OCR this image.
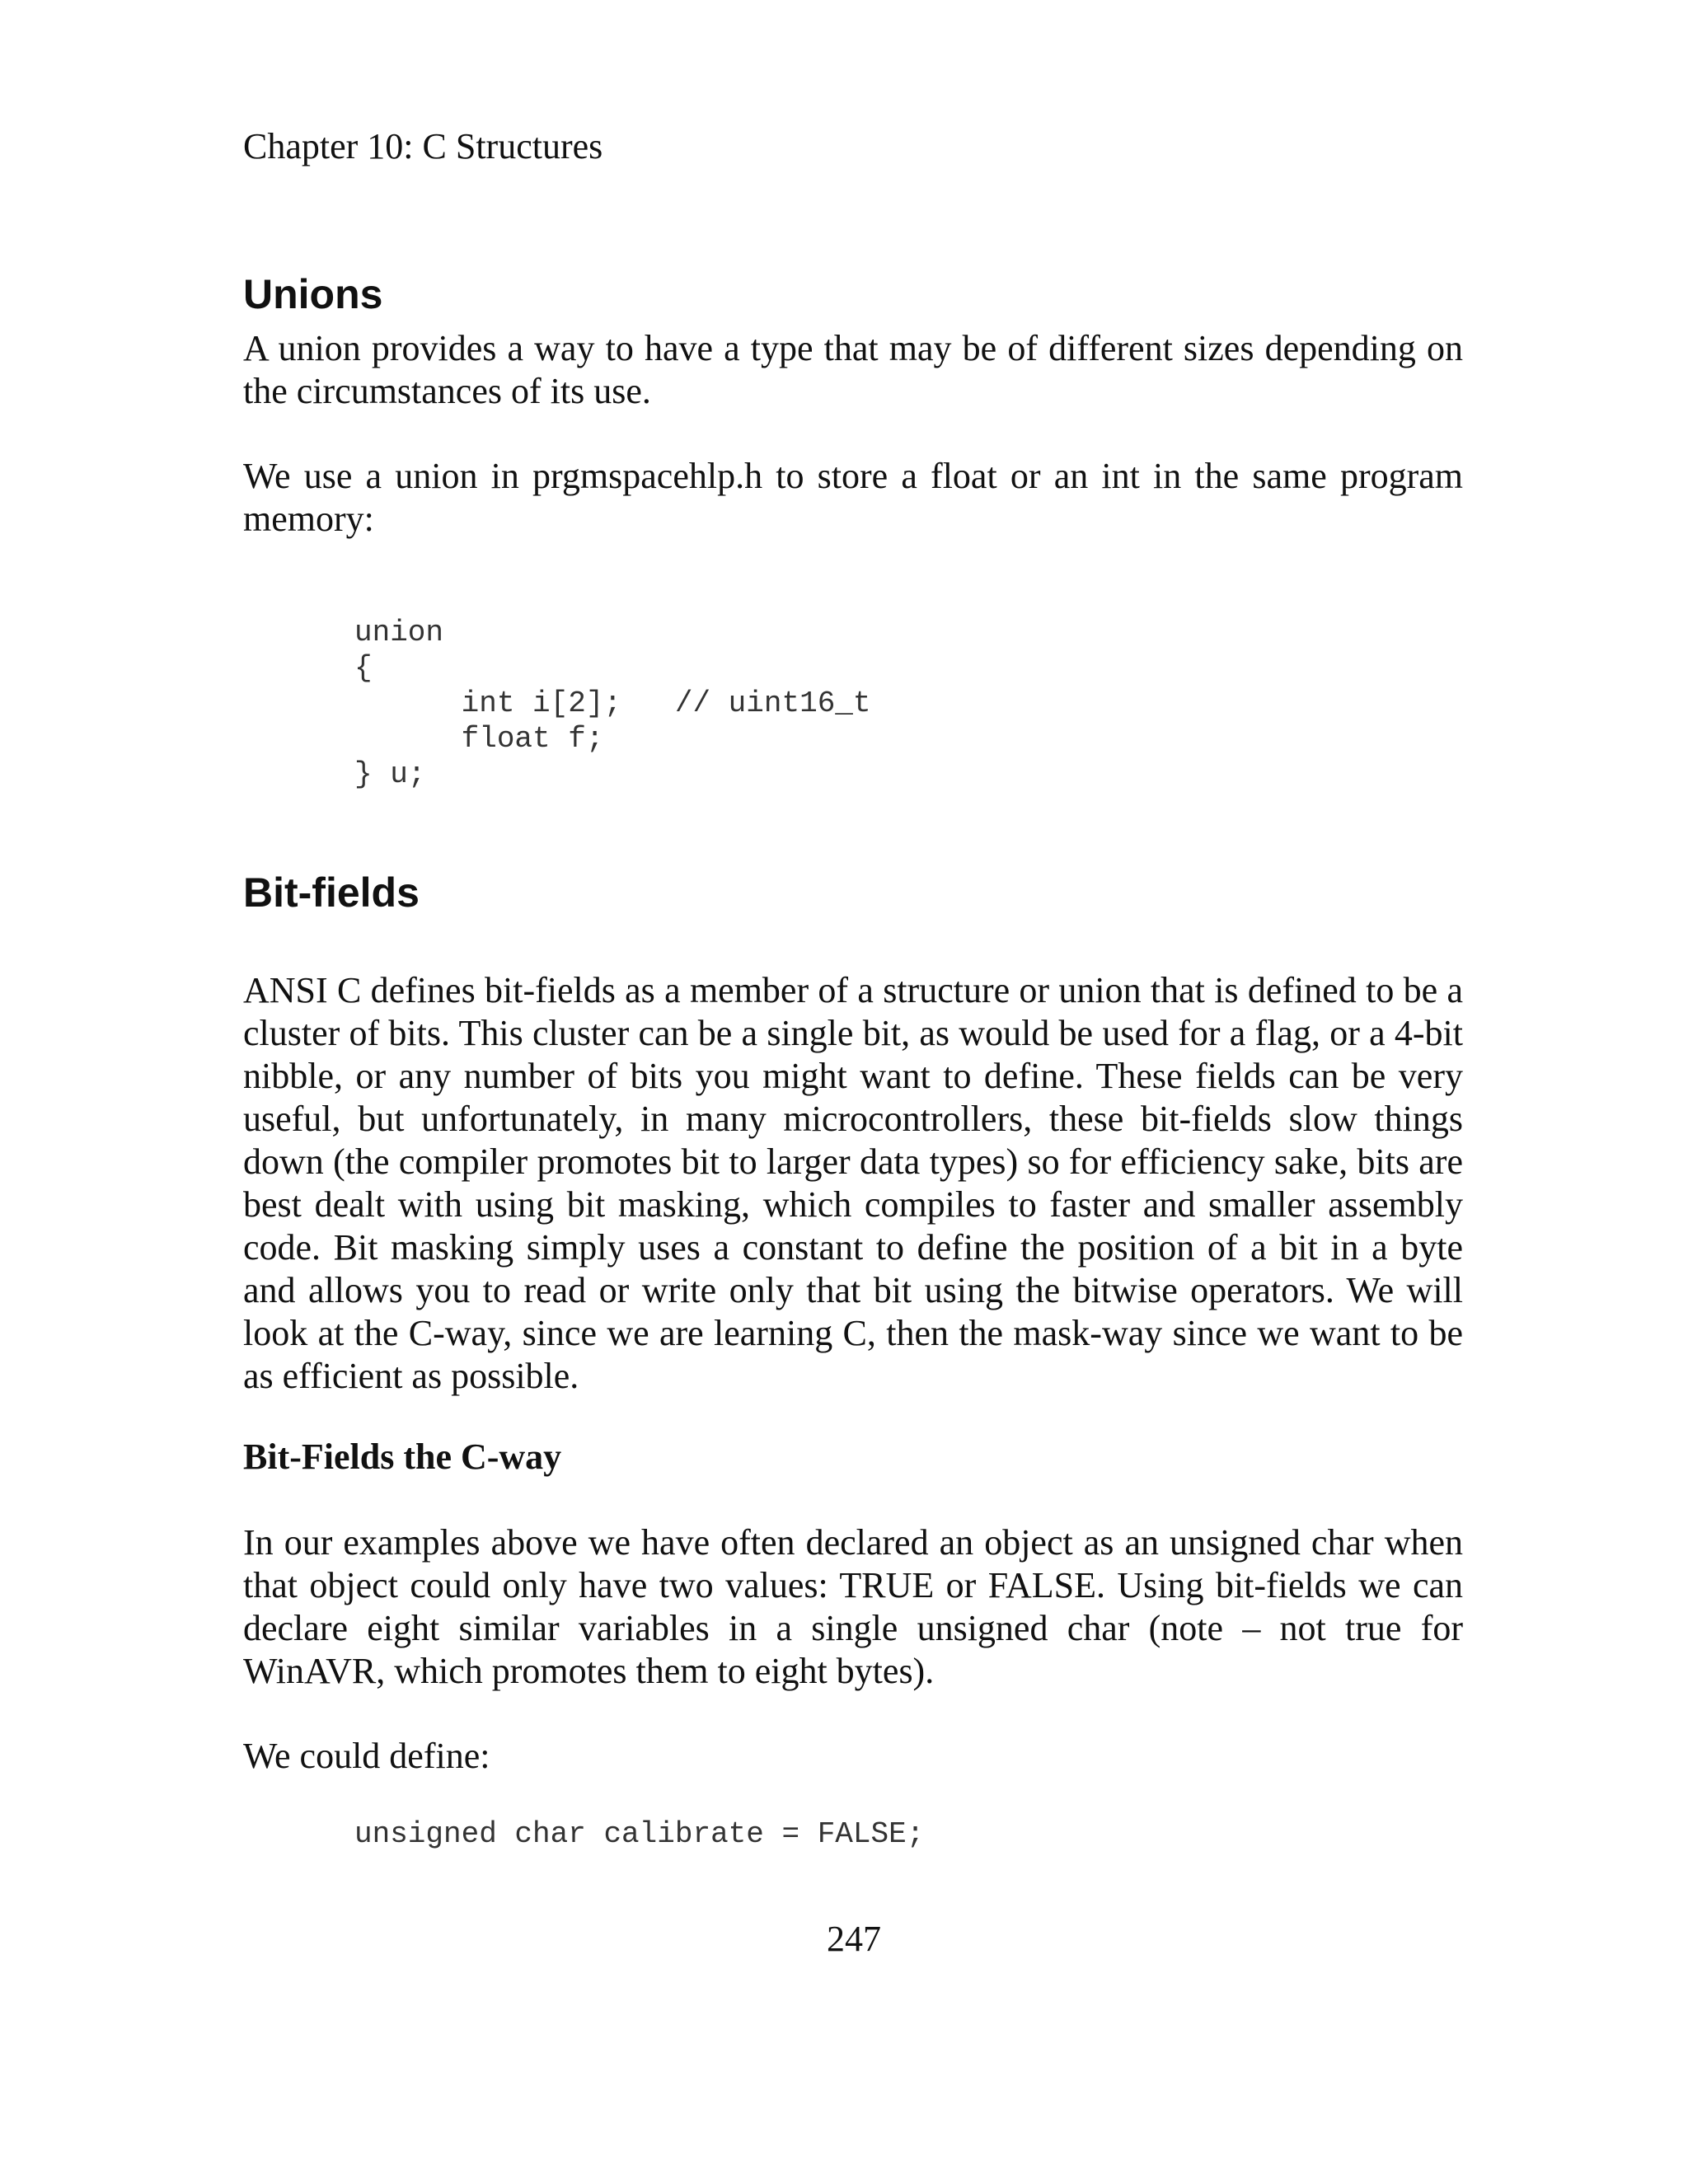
Chapter 10: C Structures

Unions

A union provides a way to have a type that may be of different sizes depending on the circumstances of its use.

We use a union in prgmspacehlp.h to store a float or an int in the same program memory:

union
{
int i[2];   // uint16_t
float f;
} u;
Bit-fields

ANSI C defines bit-fields as a member of a structure or union that is defined to be a cluster of bits. This cluster can be a single bit, as would be used for a flag, or a 4-bit nibble, or any number of bits you might want to define. These fields can be very useful, but unfortunately, in many microcontrollers, these bit-fields slow things down (the compiler promotes bit to larger data types) so for efficiency sake, bits are best dealt with using bit masking, which compiles to faster and smaller assembly code. Bit masking simply uses a constant to define the position of a bit in a byte and allows you to read or write only that bit using the bitwise operators. We will look at the C-way, since we are learning C, then the mask-way since we want to be as efficient as possible.

Bit-Fields the C-way

In our examples above we have often declared an object as an unsigned char when that object could only have two values: TRUE or FALSE. Using bit-fields we can declare eight similar variables in a single unsigned char (note – not true for WinAVR, which promotes them to eight bytes).

We could define:

unsigned char calibrate = FALSE;

247
